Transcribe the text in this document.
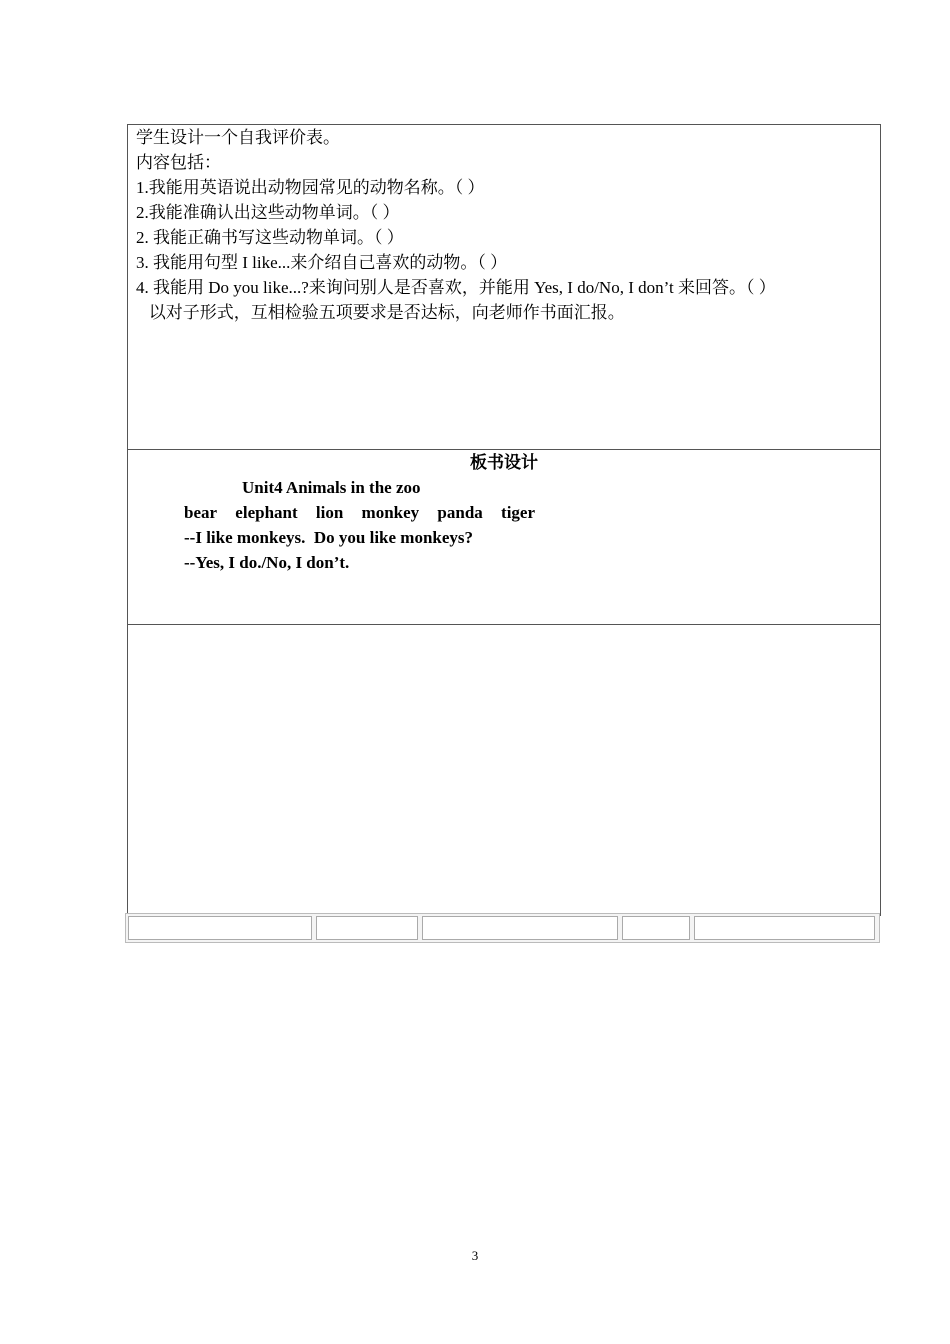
学生设计一个自我评价表。
内容包括：
1.我能用英语说出动物园常见的动物名称。（ ）
2.我能准确认出这些动物单词。（ ）
2. 我能正确书写这些动物单词。（ ）
3. 我能用句型 I like...来介绍自己喜欢的动物。（ ）
4. 我能用 Do you like...?来询问别人是否喜欢，并能用 Yes, I do/No, I don’t 来回答。（ ）
以对子形式，互相检验五项要求是否达标，向老师作书面汇报。
板书设计
Unit4 Animals in the zoo
bear elephant lion monkey panda tiger
--I like monkeys.  Do you like monkeys?
--Yes, I do./No, I don’t.
3
